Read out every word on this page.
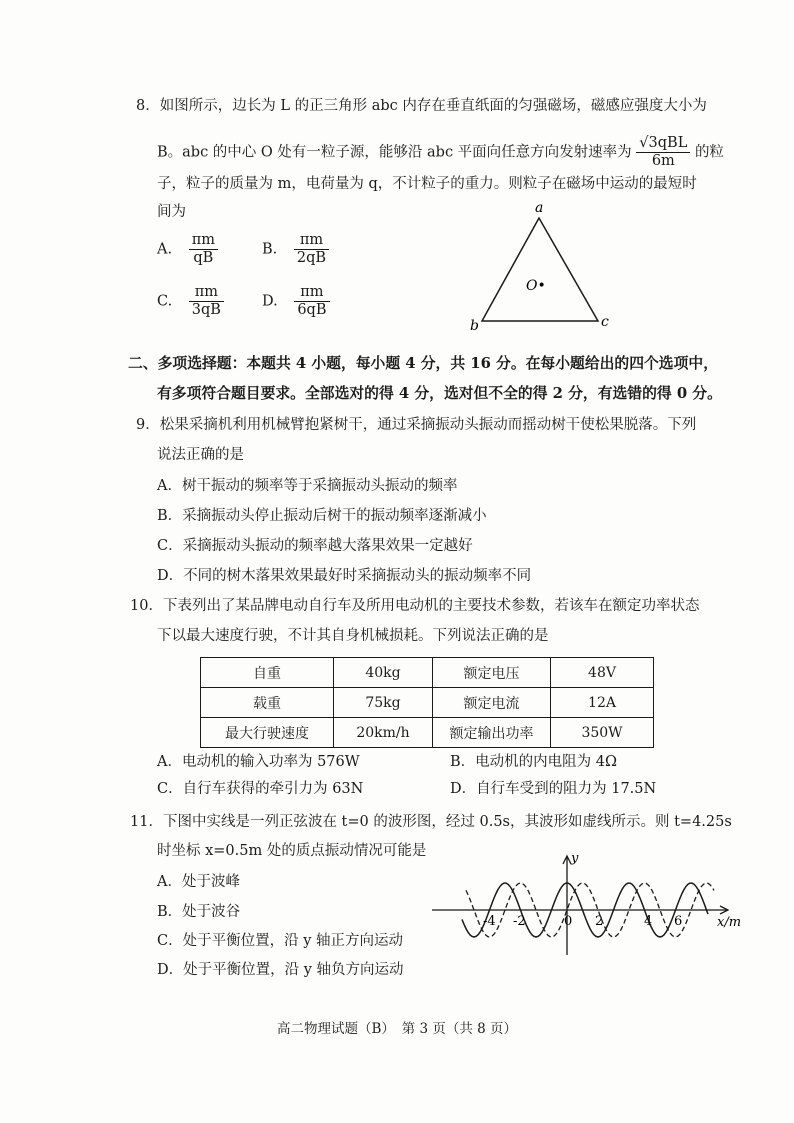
8．如图所示，边长为 L 的正三角形 abc 内存在垂直纸面的匀强磁场，磁感应强度大小为
B。abc 的中心 O 处有一粒子源，能够沿 abc 平面向任意方向发射速率为 $\frac{\text{√3qBL}}{6m}$ 的粒
子，粒子的质量为 m，电荷量为 q，不计粒子的重力。则粒子在磁场中运动的最短时
间为
A. $\frac{\pi m}{qB}$	B. $\frac{\pi m}{2qB}$
C. $\frac{\pi m}{3qB}$	D. $\frac{\pi m}{6qB}$
a
b	c
O•
二、多项选择题：本题共 4 小题，每小题 4 分，共 16 分。在每小题给出的四个选项中，
有多项符合题目要求。全部选对的得 4 分，选对但不全的得 2 分，有选错的得 0 分。
9．松果采摘机利用机械臂抱紧树干，通过采摘振动头振动而摇动树干使松果脱落。下列
说法正确的是
A．树干振动的频率等于采摘振动头振动的频率
B．采摘振动头停止振动后树干的振动频率逐渐减小
C．采摘振动头振动的频率越大落果效果一定越好
D．不同的树木落果效果最好时采摘振动头的振动频率不同
10．下表列出了某品牌电动自行车及所用电动机的主要技术参数，若该车在额定功率状态
下以最大速度行驶，不计其自身机械损耗。下列说法正确的是
自重	40kg	额定电压	48V
载重	75kg	额定电流	12A
最大行驶速度	20km/h	额定输出功率	350W
A．电动机的输入功率为 576W	B．电动机的内电阻为 4Ω
C．自行车获得的牵引力为 63N	D．自行车受到的阻力为 17.5N
11．下图中实线是一列正弦波在 t=0 的波形图，经过 0.5s，其波形如虚线所示。则 t=4.25s
时坐标 x=0.5m 处的质点振动情况可能是
A．处于波峰
B．处于波谷
C．处于平衡位置，沿 y 轴正方向运动
D．处于平衡位置，沿 y 轴负方向运动
y
x/m
-4 -2	0 2	4 6
高二物理试题（B）　第 3 页（共 8 页）
